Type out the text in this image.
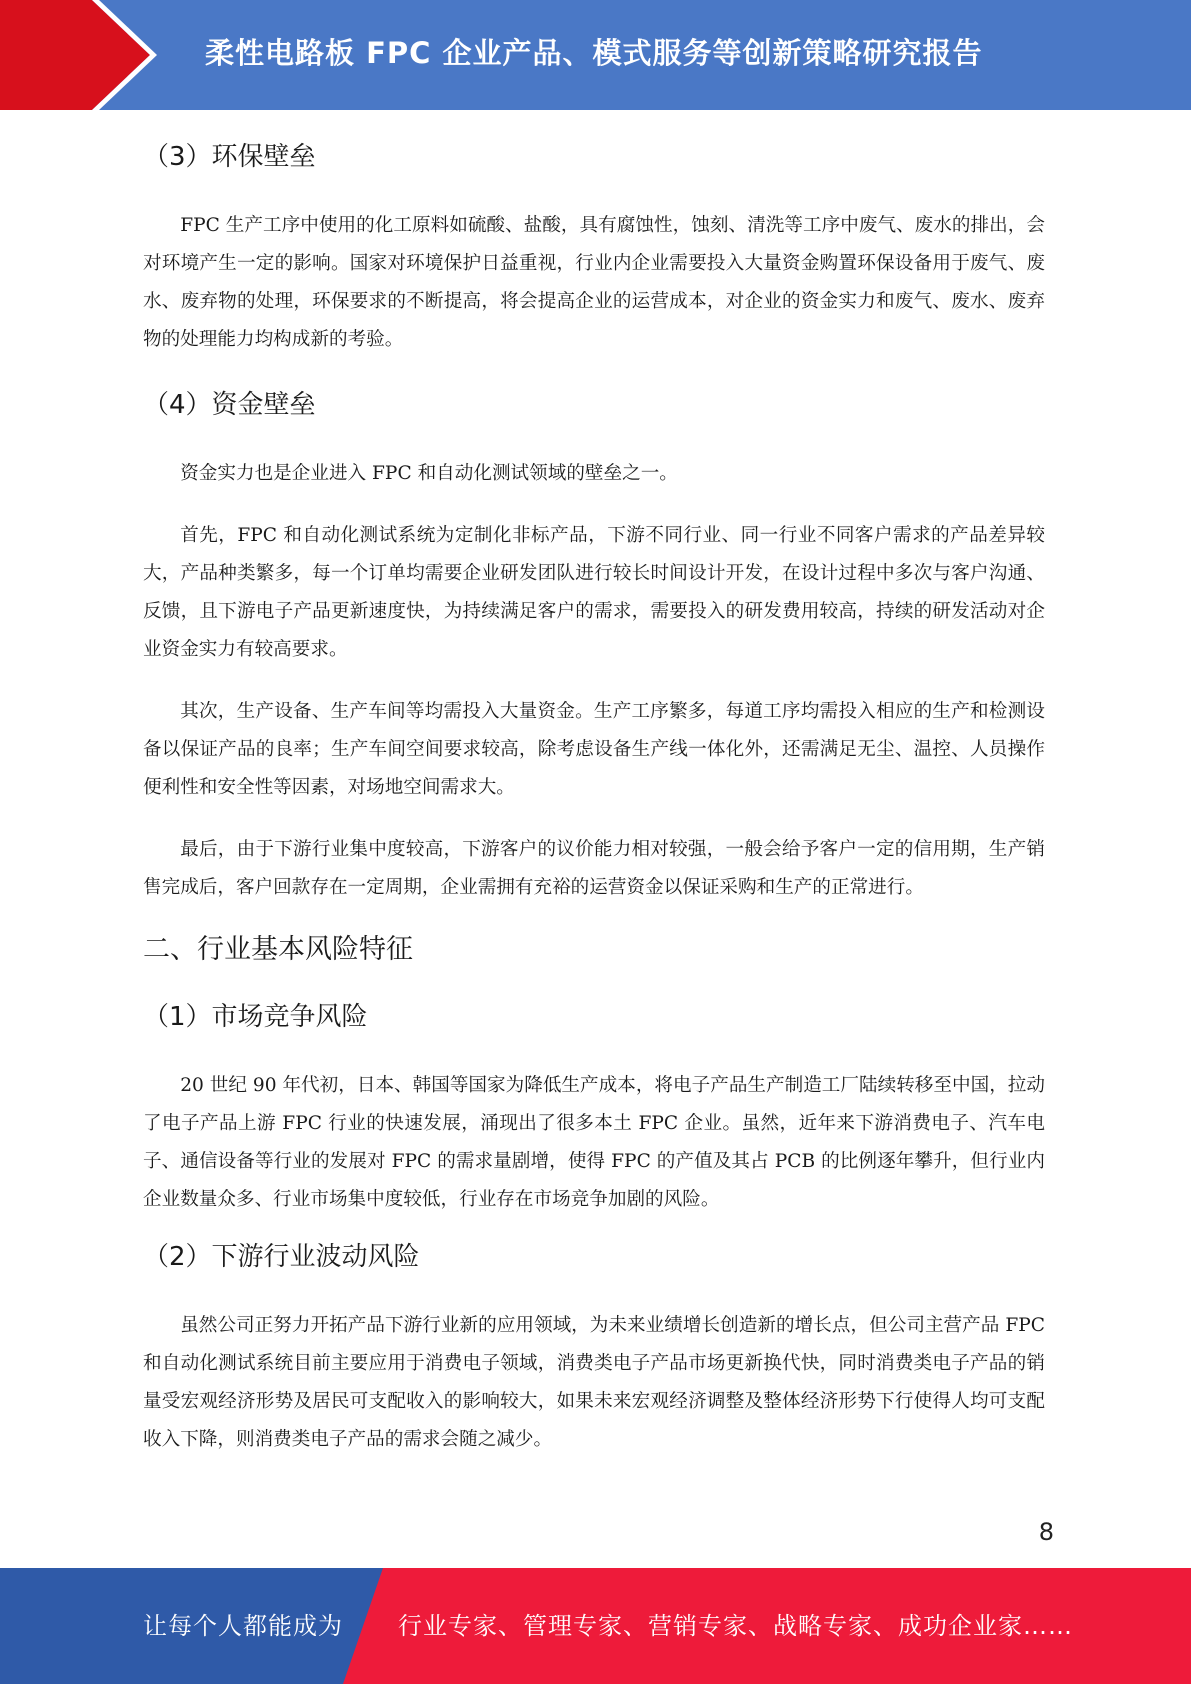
柔性电路板 FPC 企业产品、模式服务等创新策略研究报告
（3）环保壁垒

FPC 生产工序中使用的化工原料如硫酸、盐酸，具有腐蚀性，蚀刻、清洗等工序中废气、废水的排出，会对环境产生一定的影响。国家对环境保护日益重视，行业内企业需要投入大量资金购置环保设备用于废气、废水、废弃物的处理，环保要求的不断提高，将会提高企业的运营成本，对企业的资金实力和废气、废水、废弃物的处理能力均构成新的考验。

（4）资金壁垒

资金实力也是企业进入 FPC 和自动化测试领域的壁垒之一。

首先，FPC 和自动化测试系统为定制化非标产品，下游不同行业、同一行业不同客户需求的产品差异较大，产品种类繁多，每一个订单均需要企业研发团队进行较长时间设计开发，在设计过程中多次与客户沟通、反馈，且下游电子产品更新速度快，为持续满足客户的需求，需要投入的研发费用较高，持续的研发活动对企业资金实力有较高要求。

其次，生产设备、生产车间等均需投入大量资金。生产工序繁多，每道工序均需投入相应的生产和检测设备以保证产品的良率；生产车间空间要求较高，除考虑设备生产线一体化外，还需满足无尘、温控、人员操作便利性和安全性等因素，对场地空间需求大。

最后，由于下游行业集中度较高，下游客户的议价能力相对较强，一般会给予客户一定的信用期，生产销售完成后，客户回款存在一定周期，企业需拥有充裕的运营资金以保证采购和生产的正常进行。

二、行业基本风险特征
（1）市场竞争风险

20 世纪 90 年代初，日本、韩国等国家为降低生产成本，将电子产品生产制造工厂陆续转移至中国，拉动了电子产品上游 FPC 行业的快速发展，涌现出了很多本土 FPC 企业。虽然，近年来下游消费电子、汽车电子、通信设备等行业的发展对 FPC 的需求量剧增，使得 FPC 的产值及其占 PCB 的比例逐年攀升，但行业内企业数量众多、行业市场集中度较低，行业存在市场竞争加剧的风险。

（2）下游行业波动风险

虽然公司正努力开拓产品下游行业新的应用领域，为未来业绩增长创造新的增长点，但公司主营产品 FPC 和自动化测试系统目前主要应用于消费电子领域，消费类电子产品市场更新换代快，同时消费类电子产品的销量受宏观经济形势及居民可支配收入的影响较大，如果未来宏观经济调整及整体经济形势下行使得人均可支配收入下降，则消费类电子产品的需求会随之减少。

8
让每个人都能成为 行业专家、管理专家、营销专家、战略专家、成功企业家……
